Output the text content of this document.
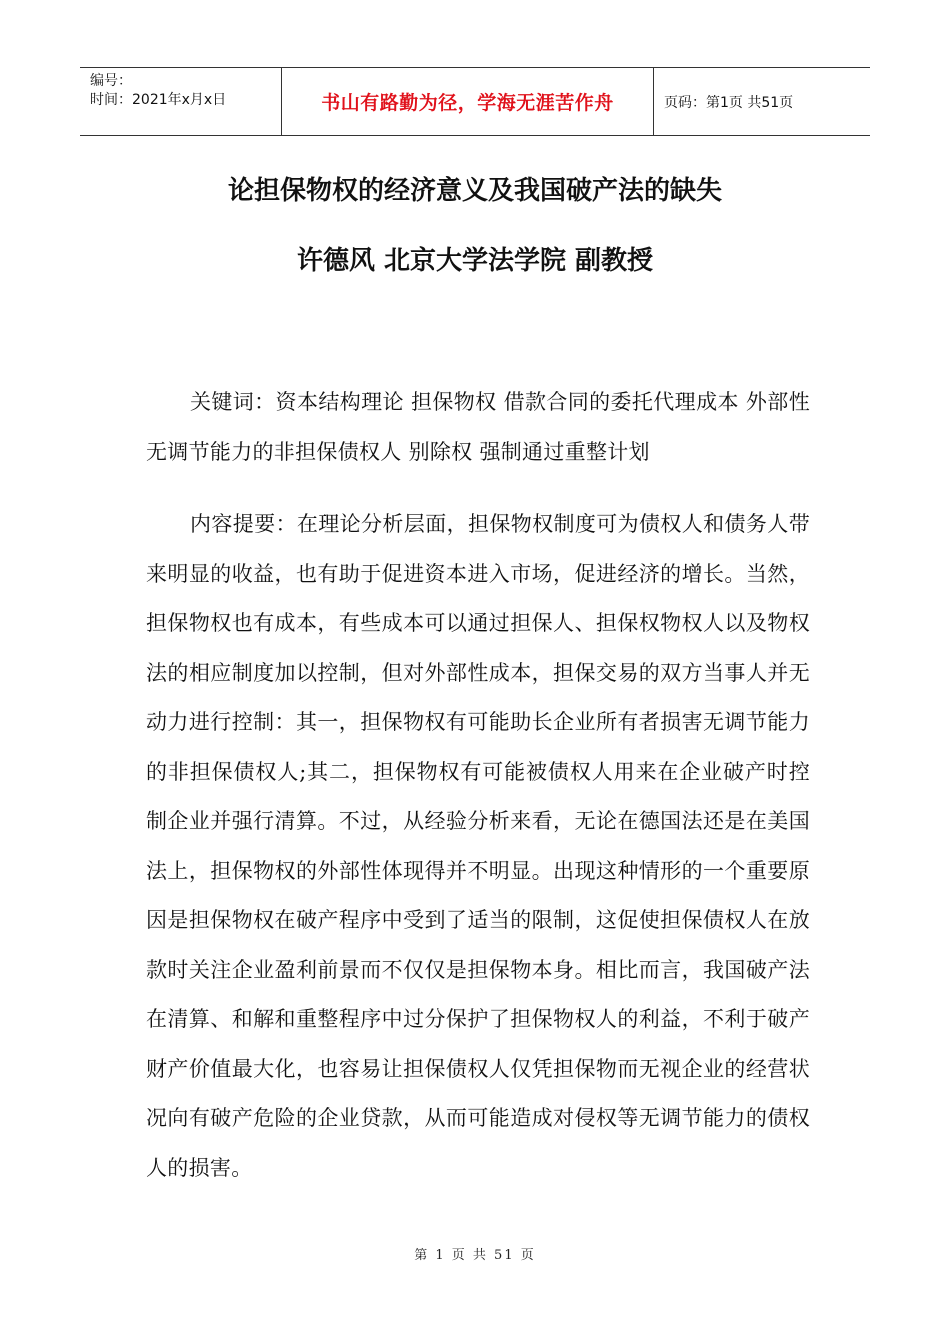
编号：
时间：2021年x月x日	书山有路勤为径，学海无涯苦作舟	页码：第1页 共51页
论担保物权的经济意义及我国破产法的缺失
许德风 北京大学法学院 副教授

关键词：资本结构理论 担保物权 借款合同的委托代理成本 外部性 无调节能力的非担保债权人 别除权 强制通过重整计划

内容提要：在理论分析层面，担保物权制度可为债权人和债务人带来明显的收益，也有助于促进资本进入市场，促进经济的增长。当然，担保物权也有成本，有些成本可以通过担保人、担保权物权人以及物权法的相应制度加以控制，但对外部性成本，担保交易的双方当事人并无动力进行控制：其一，担保物权有可能助长企业所有者损害无调节能力的非担保债权人;其二，担保物权有可能被债权人用来在企业破产时控制企业并强行清算。不过，从经验分析来看，无论在德国法还是在美国法上，担保物权的外部性体现得并不明显。出现这种情形的一个重要原因是担保物权在破产程序中受到了适当的限制，这促使担保债权人在放款时关注企业盈利前景而不仅仅是担保物本身。相比而言，我国破产法在清算、和解和重整程序中过分保护了担保物权人的利益，不利于破产财产价值最大化，也容易让担保债权人仅凭担保物而无视企业的经营状况向有破产危险的企业贷款，从而可能造成对侵权等无调节能力的债权人的损害。

第 1 页 共 51 页
